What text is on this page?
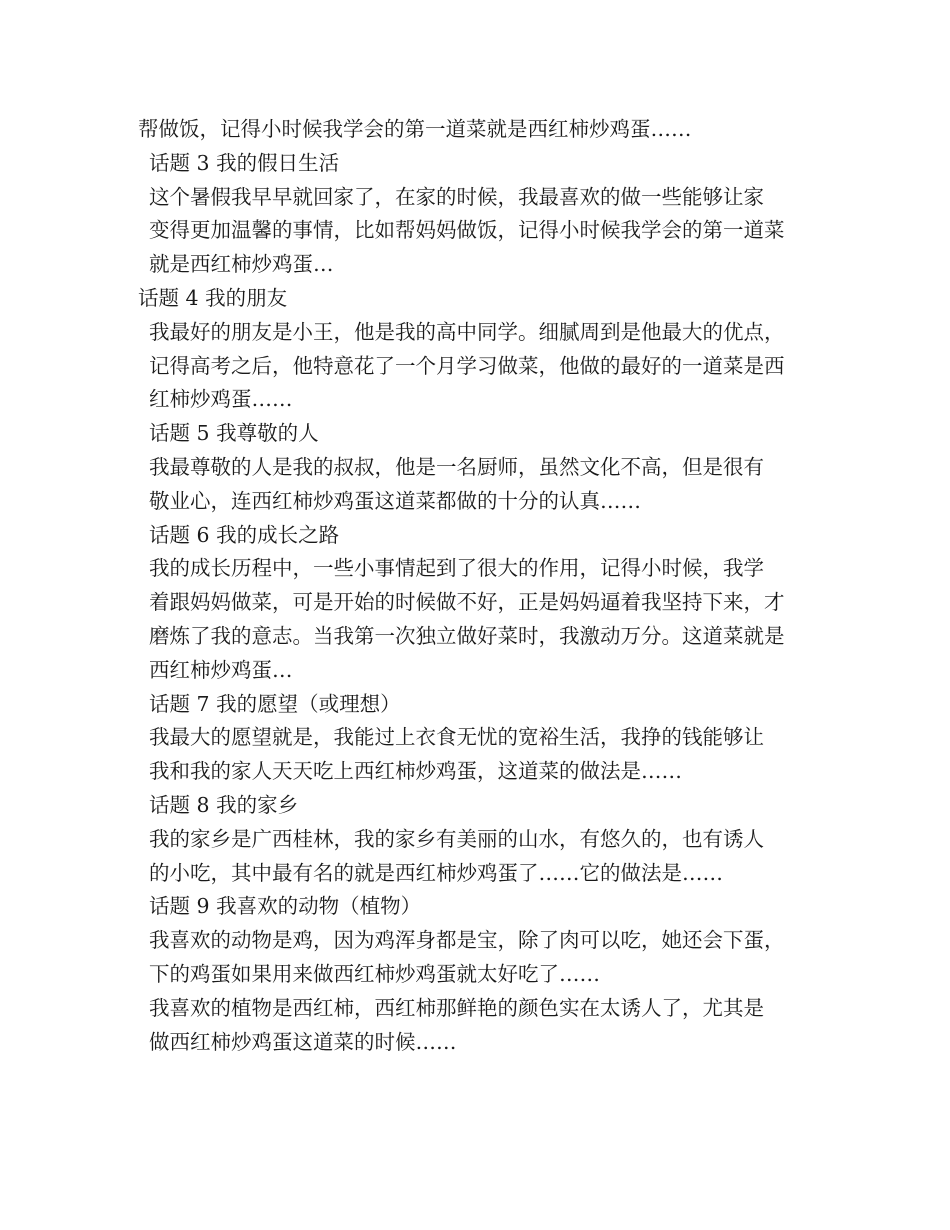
帮做饭，记得小时候我学会的第一道菜就是西红柿炒鸡蛋……
话题 3 我的假日生活
这个暑假我早早就回家了，在家的时候，我最喜欢的做一些能够让家
变得更加温馨的事情，比如帮妈妈做饭，记得小时候我学会的第一道菜
就是西红柿炒鸡蛋…
话题 4 我的朋友
我最好的朋友是小王，他是我的高中同学。细腻周到是他最大的优点，
记得高考之后，他特意花了一个月学习做菜，他做的最好的一道菜是西
红柿炒鸡蛋……
话题 5 我尊敬的人
我最尊敬的人是我的叔叔，他是一名厨师，虽然文化不高，但是很有
敬业心，连西红柿炒鸡蛋这道菜都做的十分的认真……
话题 6 我的成长之路
我的成长历程中，一些小事情起到了很大的作用，记得小时候，我学
着跟妈妈做菜，可是开始的时候做不好，正是妈妈逼着我坚持下来，才
磨炼了我的意志。当我第一次独立做好菜时，我激动万分。这道菜就是
西红柿炒鸡蛋…
话题 7 我的愿望（或理想）
我最大的愿望就是，我能过上衣食无忧的宽裕生活，我挣的钱能够让
我和我的家人天天吃上西红柿炒鸡蛋，这道菜的做法是……
话题 8 我的家乡
我的家乡是广西桂林，我的家乡有美丽的山水，有悠久的，也有诱人
的小吃，其中最有名的就是西红柿炒鸡蛋了……它的做法是……
话题 9 我喜欢的动物（植物）
我喜欢的动物是鸡，因为鸡浑身都是宝，除了肉可以吃，她还会下蛋，
下的鸡蛋如果用来做西红柿炒鸡蛋就太好吃了……
我喜欢的植物是西红柿，西红柿那鲜艳的颜色实在太诱人了，尤其是
做西红柿炒鸡蛋这道菜的时候……
